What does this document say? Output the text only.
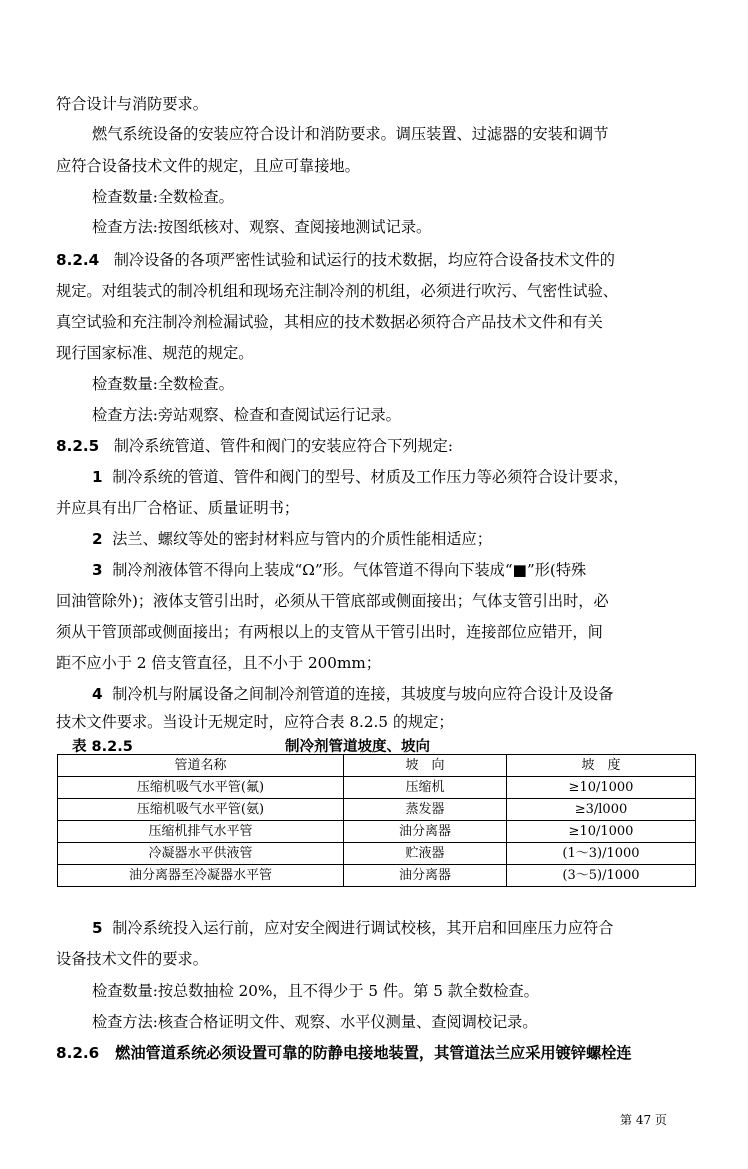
符合设计与消防要求。
燃气系统设备的安装应符合设计和消防要求。调压装置、过滤器的安装和调节
应符合设备技术文件的规定，且应可靠接地。
检查数量:全数检查。
检查方法:按图纸核对、观察、查阅接地测试记录。
8.2.4 制冷设备的各项严密性试验和试运行的技术数据，均应符合设备技术文件的
规定。对组装式的制冷机组和现场充注制冷剂的机组，必须进行吹污、气密性试验、
真空试验和充注制冷剂检漏试验，其相应的技术数据必须符合产品技术文件和有关
现行国家标准、规范的规定。
检查数量:全数检查。
检查方法:旁站观察、检查和查阅试运行记录。
8.2.5 制冷系统管道、管件和阀门的安装应符合下列规定:
1 制冷系统的管道、管件和阀门的型号、材质及工作压力等必须符合设计要求，
并应具有出厂合格证、质量证明书；
2 法兰、螺纹等处的密封材料应与管内的介质性能相适应；
3 制冷剂液体管不得向上装成“Ω”形。气体管道不得向下装成“■”形(特殊
回油管除外)；液体支管引出时，必须从干管底部或侧面接出；气体支管引出时，必
须从干管顶部或侧面接出；有两根以上的支管从干管引出时，连接部位应错开，间
距不应小于 2 倍支管直径，且不小于 200mm；
4 制冷机与附属设备之间制冷剂管道的连接，其坡度与坡向应符合设计及设备
技术文件要求。当设计无规定时，应符合表 8.2.5 的规定；
表 8.2.5	制冷剂管道坡度、坡向
管道名称	坡　向	坡　度
压缩机吸气水平管(氟)	压缩机	≥10/1000
压缩机吸气水平管(氨)	蒸发器	≥3/l000
压缩机排气水平管	油分离器	≥10/1000
冷凝器水平供液管	贮液器	(1～3)/1000
油分离器至冷凝器水平管	油分离器	(3～5)/1000
5 制冷系统投入运行前，应对安全阀进行调试校核，其开启和回座压力应符合
设备技术文件的要求。
检查数量:按总数抽检 20%，且不得少于 5 件。第 5 款全数检查。
检查方法:核查合格证明文件、观察、水平仪测量、查阅调校记录。
8.2.6 燃油管道系统必须设置可靠的防静电接地装置，其管道法兰应采用镀锌螺栓连
第 47 页
